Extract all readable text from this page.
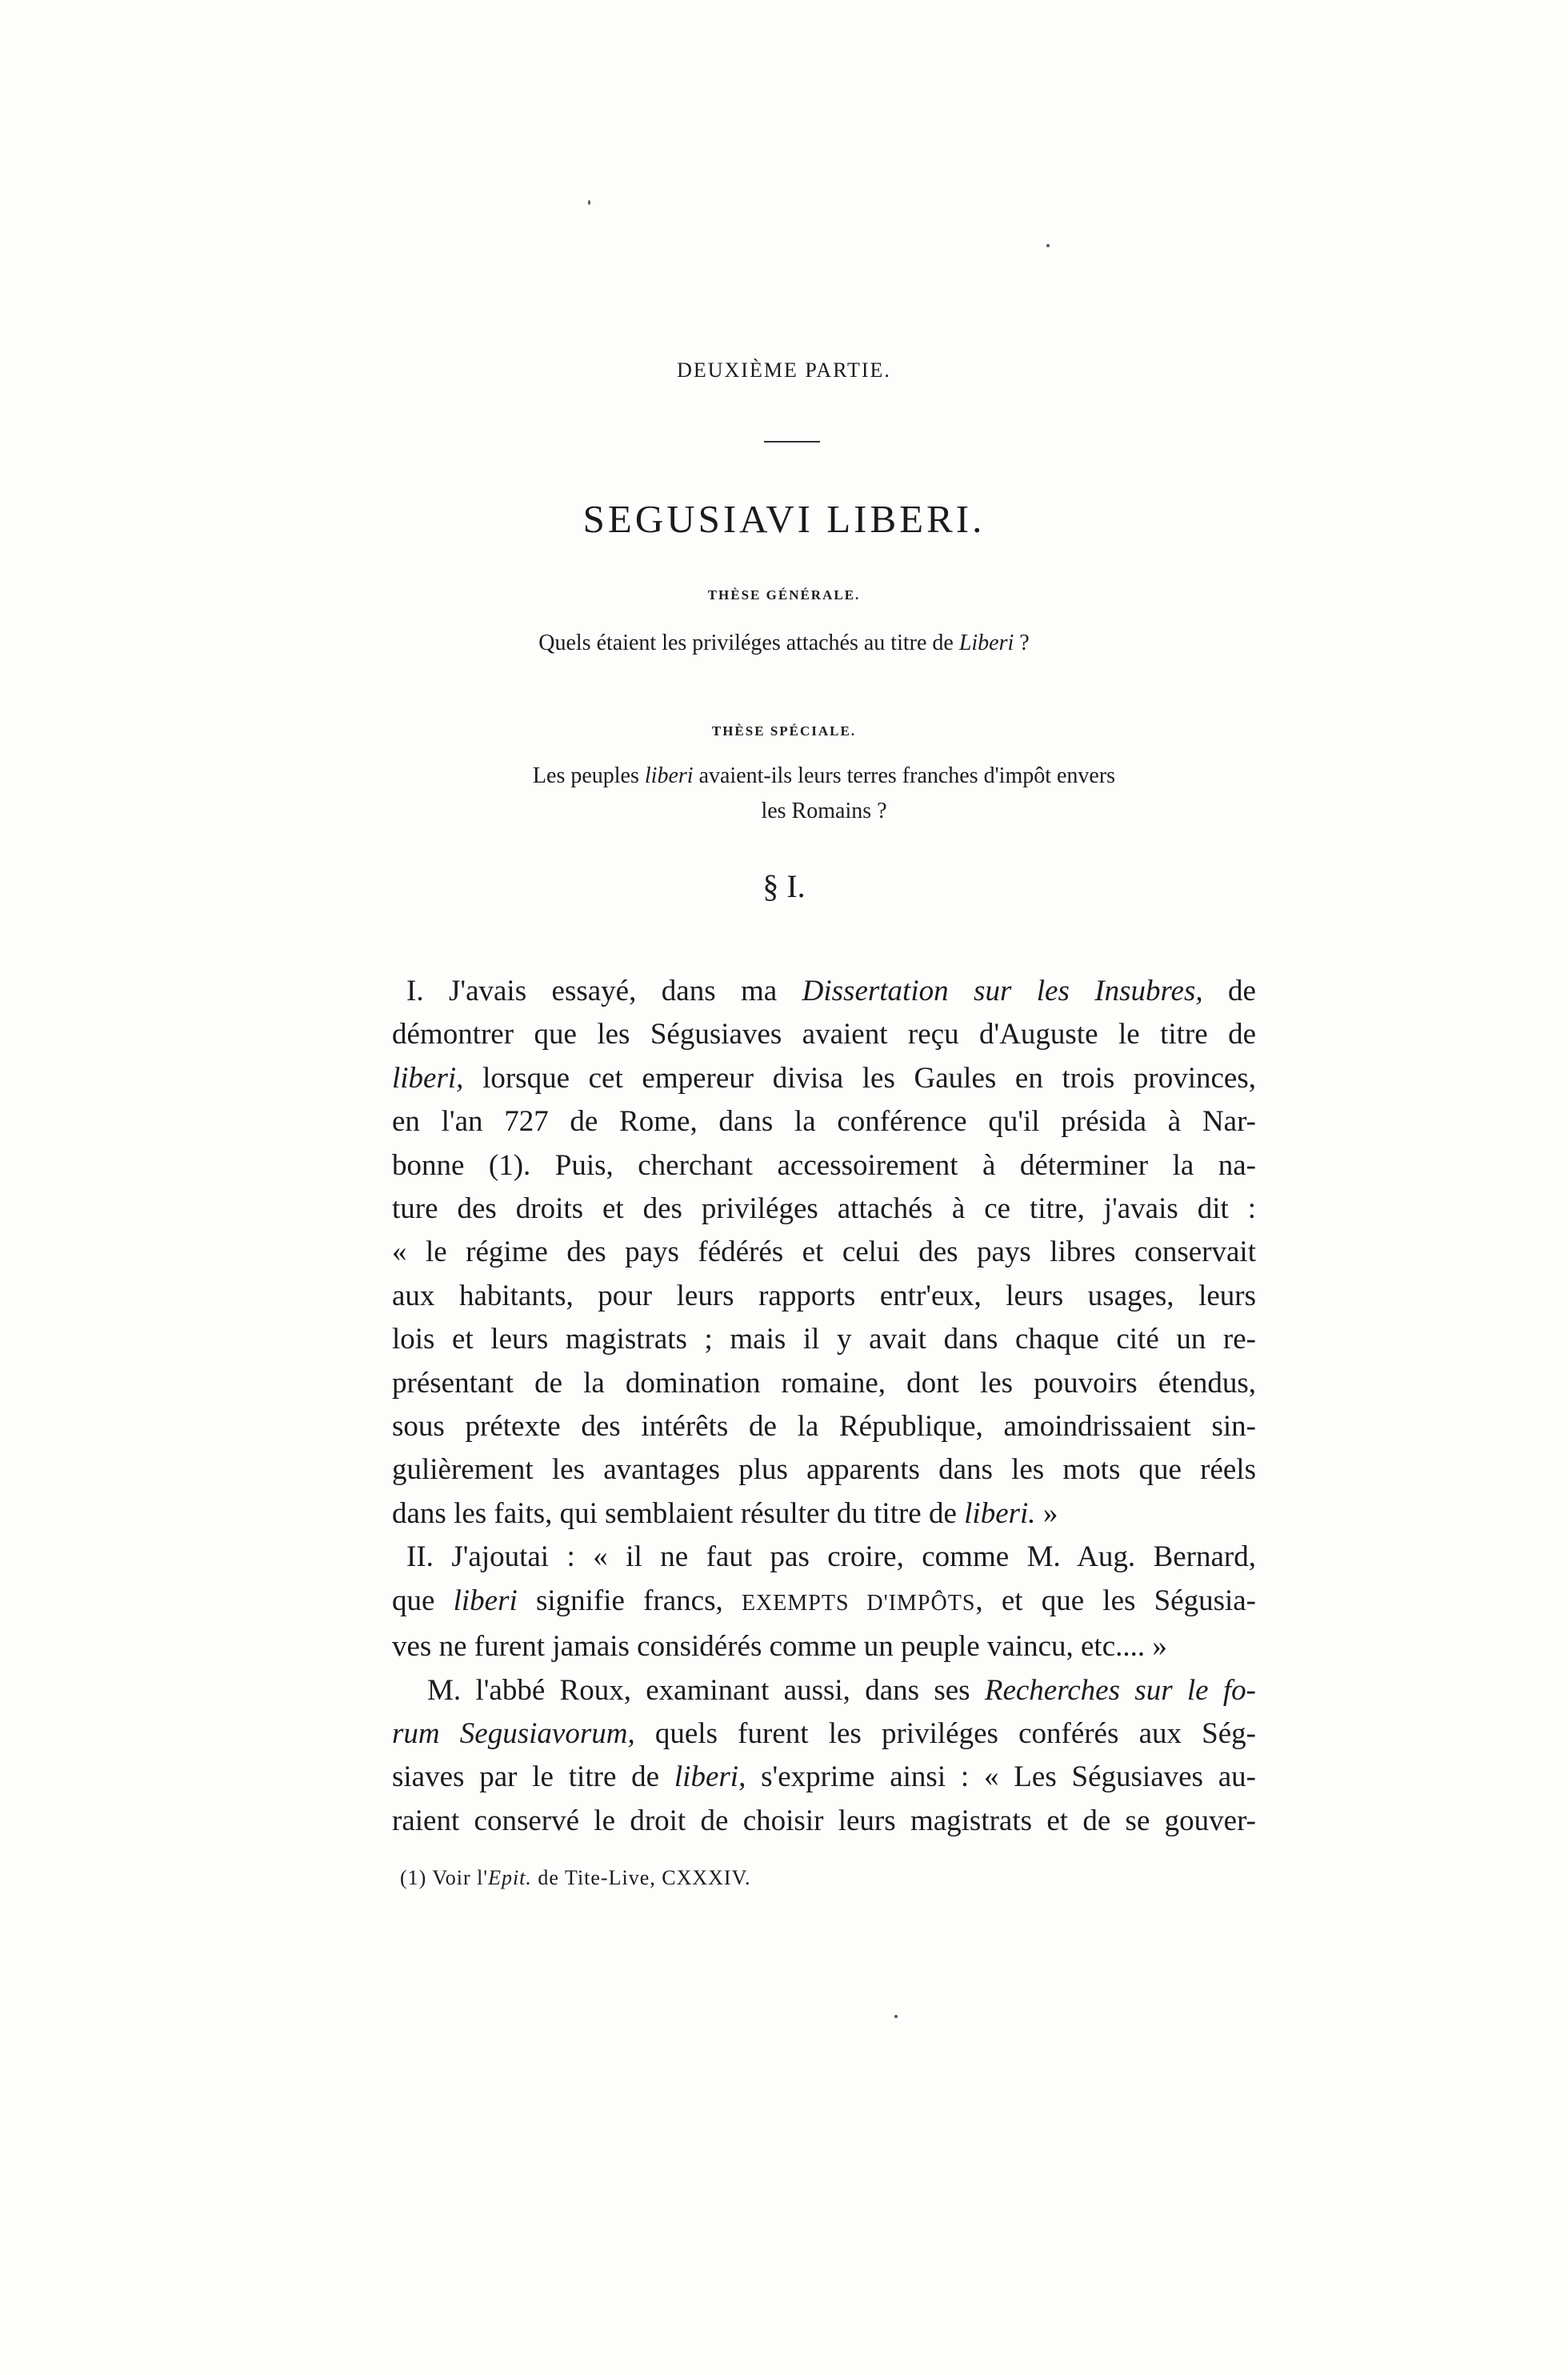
DEUXIÈME PARTIE.
SEGUSIAVI LIBERI.
THÈSE GÉNÉRALE.
Quels étaient les priviléges attachés au titre de Liberi ?
THÈSE SPÉCIALE.
Les peuples liberi avaient-ils leurs terres franches d'impôt envers
les Romains ?
§ I.
I. J'avais essayé, dans ma Dissertation sur les Insubres, de
démontrer que les Ségusiaves avaient reçu d'Auguste le titre de
liberi, lorsque cet empereur divisa les Gaules en trois provinces,
en l'an 727 de Rome, dans la conférence qu'il présida à Nar-
bonne (1). Puis, cherchant accessoirement à déterminer la na-
ture des droits et des priviléges attachés à ce titre, j'avais dit :
« le régime des pays fédérés et celui des pays libres conservait
aux habitants, pour leurs rapports entr'eux, leurs usages, leurs
lois et leurs magistrats ; mais il y avait dans chaque cité un re-
présentant de la domination romaine, dont les pouvoirs étendus,
sous prétexte des intérêts de la République, amoindrissaient sin-
gulièrement les avantages plus apparents dans les mots que réels
dans les faits, qui semblaient résulter du titre de liberi. »
II. J'ajoutai : « il ne faut pas croire, comme M. Aug. Bernard,
que liberi signifie francs, EXEMPTS D'IMPÔTS, et que les Ségusia-
ves ne furent jamais considérés comme un peuple vaincu, etc.... »
M. l'abbé Roux, examinant aussi, dans ses Recherches sur le fo-
rum Segusiavorum, quels furent les priviléges conférés aux Ség-
siaves par le titre de liberi, s'exprime ainsi : « Les Ségusiaves au-
raient conservé le droit de choisir leurs magistrats et de se gouver-
(1) Voir l'Epit. de Tite-Live, CXXXIV.
